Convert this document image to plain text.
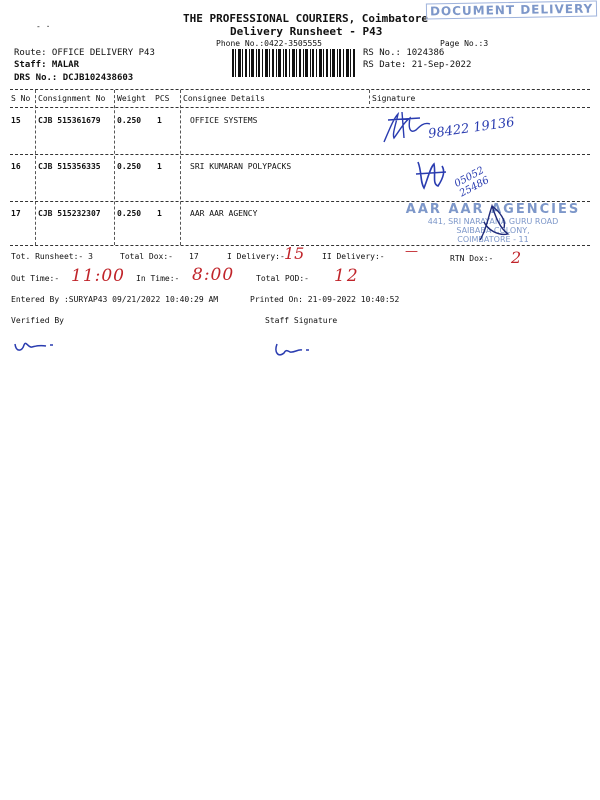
THE PROFESSIONAL COURIERS, Coimbatore
Delivery Runsheet - P43
Phone No.:0422-3505555	Page No.:3
DOCUMENT DELIVERY
- ·
Route: OFFICE DELIVERY P43
Staff: MALAR
DRS No.: DCJB102438603
RS No.: 1024386
RS Date: 21-Sep-2022
S No Consignment No Weight PCS Consignee Details	Signature
15 CJB 515361679 0.250 1	OFFICE SYSTEMS	98422 19136
16 CJB 515356335 0.250 1	SRI KUMARAN POLYPACKS	05052 25486
17 CJB 515232307 0.250 1	AAR AAR AGENCY	AAR AAR AGENCIES
441, SRI NARAYANA GURU ROAD
SAIBABA COLONY,
COIMBATORE - 11
Tot. Runsheet:- 3	Total Dox:- 17	I Delivery:- 15 II Delivery:- —	RTN Dox:- 2
Out Time:- 11:00 In Time:- 8:00	Total POD:- 12
Entered By :SURYAP43 09/21/2022 10:40:29 AM	Printed On: 21-09-2022 10:40:52
Verified By	Staff Signature
